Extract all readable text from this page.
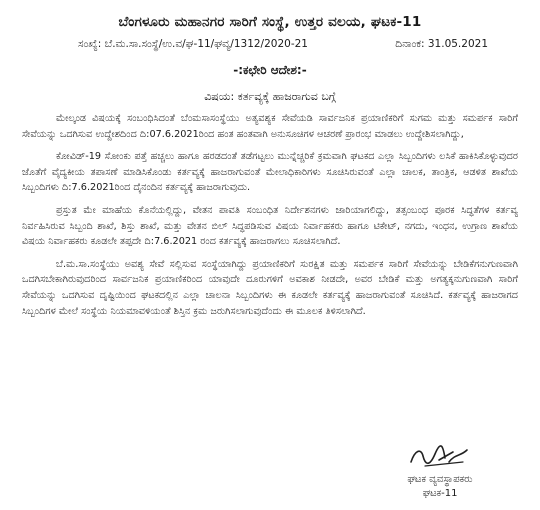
ಬೆಂಗಳೂರು ಮಹಾನಗರ ಸಾರಿಗೆ ಸಂಸ್ಥೆ, ಉತ್ತರ ವಲಯ, ಘಟಕ-11
ಸಂಖ್ಯೆ: ಬೆ.ಮ.ಸಾ.ಸಂಸ್ಥೆ/ಉ.ವ/ಘ-11/ಘವ್ಯ/1312/2020-21	ದಿನಾಂಕ: 31.05.2021
-:ಕಛೇರಿ ಆದೇಶ:-
ವಿಷಯ: ಕರ್ತವ್ಯಕ್ಕೆ ಹಾಜರಾಗುವ ಬಗ್ಗೆ

ಮೇಲ್ಕಂಡ ವಿಷಯಕ್ಕೆ ಸಂಬಂಧಿಸಿದಂತೆ ಬೆಂಮಸಾಸಂಸ್ಥೆಯು ಅತ್ಯವಶ್ಯಕ ಸೇವೆಯಡಿ ಸಾರ್ವಜನಿಕ ಪ್ರಯಾಣಿಕರಿಗೆ ಸುಗಮ ಮತ್ತು ಸಮರ್ಪಕ ಸಾರಿಗೆ ಸೇವೆಯನ್ನು ಒದಗಿಸುವ ಉದ್ದೇಶದಿಂದ ದಿ:07.6.2021ರಿಂದ ಹಂತ ಹಂತವಾಗಿ ಅನುಸೂಚಿಗಳ ಆಚರಣೆ ಪ್ರಾರಂಭ ಮಾಡಲು ಉದ್ದೇಶಿಸಲಾಗಿದ್ದು,

ಕೋವಿಡ್-19 ಸೋಂಕು ಪತ್ತೆ ಹಚ್ಚಲು ಹಾಗೂ ಹರಡದಂತೆ ತಡೆಗಟ್ಟಲು ಮುನ್ನೆಚ್ಚರಿಕೆ ಕ್ರಮವಾಗಿ ಘಟಕದ ಎಲ್ಲಾ ಸಿಬ್ಬಂದಿಗಳು ಲಸಿಕೆ ಹಾಕಿಸಿಕೊಳ್ಳುವುದರ ಜೊತೆಗೆ ವೈದ್ಯಕೀಯ ತಪಾಸಣೆ ಮಾಡಿಸಿಕೊಂಡು ಕರ್ತವ್ಯಕ್ಕೆ ಹಾಜರಾಗುವಂತೆ ಮೇಲಾಧಿಕಾರಿಗಳು ಸೂಚಿಸಿರುವಂತೆ ಎಲ್ಲಾ ಚಾಲಕ, ತಾಂತ್ರಿಕ, ಆಡಳಿತ ಶಾಖೆಯ ಸಿಬ್ಬಂದಿಗಳು ದಿ:7.6.2021ರಿಂದ ದೈನಂದಿನ ಕರ್ತವ್ಯಕ್ಕೆ ಹಾಜರಾಗುವುದು.

ಪ್ರಸ್ತುತ ಮೇ ಮಾಹೆಯ ಕೊನೆಯಲ್ಲಿದ್ದು, ವೇತನ ಪಾವತಿ ಸಂಬಂಧಿತ ನಿರ್ದೇಶನಗಳು ಜಾರಿಯಾಗಲಿದ್ದು, ತತ್ಸಂಬಂಧ ಪೂರಕ ಸಿದ್ಧತೆಗಳ ಕರ್ತವ್ಯ ನಿರ್ವಹಿಸಿರುವ ಸಿಬ್ಬಂದಿ ಶಾಖೆ, ಶಿಸ್ತು ಶಾಖೆ, ಮತ್ತು ವೇತನ ಬಿಲ್ ಸಿದ್ಧಪಡಿಸುವ ವಿಷಯ ನಿರ್ವಾಹಕರು ಹಾಗೂ ಟಿಕೇಟ್, ನಗದು, ಇಂಧನ, ಉಗ್ರಾಣ ಶಾಖೆಯ ವಿಷಯ ನಿರ್ವಾಹಕರು ಕೂಡಲೇ ತಪ್ಪದೇ ದಿ:7.6.2021 ರಂದ ಕರ್ತವ್ಯಕ್ಕೆ ಹಾಜರಾಗಲು ಸೂಚಿಸಲಾಗಿದೆ.

ಬೆ.ಮ.ಸಾ.ಸಂಸ್ಥೆಯು ಅವಶ್ಯ ಸೇವೆ ಸಲ್ಲಿಸುವ ಸಂಸ್ಥೆಯಾಗಿದ್ದು ಪ್ರಯಾಣಿಕರಿಗೆ ಸುರಕ್ಷಿತ ಮತ್ತು ಸಮರ್ಪಕ ಸಾರಿಗೆ ಸೇವೆಯನ್ನು ಬೇಡಿಕೆಗನುಗುಣವಾಗಿ ಒದಗಿಸಬೇಕಾಗಿರುವುದರಿಂದ ಸಾರ್ವಜನಿಕ ಪ್ರಯಾಣಿಕರಿಂದ ಯಾವುದೇ ದೂರುಗಳಿಗೆ ಅವಕಾಶ ನೀಡದೇ, ಅವರ ಬೇಡಿಕೆ ಮತ್ತು ಅಗತ್ಯಕ್ಕನುಗುಣವಾಗಿ ಸಾರಿಗೆ ಸೇವೆಯನ್ನು ಒದಗಿಸುವ ದೃಷ್ಟಿಯಿಂದ ಘಟಕದಲ್ಲಿನ ಎಲ್ಲಾ ಚಾಲನಾ ಸಿಬ್ಬಂದಿಗಳು ಈ ಕೂಡಲೇ ಕರ್ತವ್ಯಕ್ಕೆ ಹಾಜರಾಗುವಂತೆ ಸೂಚಿಸಿದೆ. ಕರ್ತವ್ಯಕ್ಕೆ ಹಾಜರಾಗದ ಸಿಬ್ಬಂದಿಗಳ ಮೇಲೆ ಸಂಸ್ಥೆಯ ನಿಯಮಾವಳಿಯಂತೆ ಶಿಸ್ತಿನ ಕ್ರಮ ಜರುಗಿಸಲಾಗುವುದೆಂದು ಈ ಮೂಲಕ ತಿಳಿಸಲಾಗಿದೆ.

ಘಟಕ ವ್ಯವಸ್ಥಾಪಕರು
ಘಟಕ-11
